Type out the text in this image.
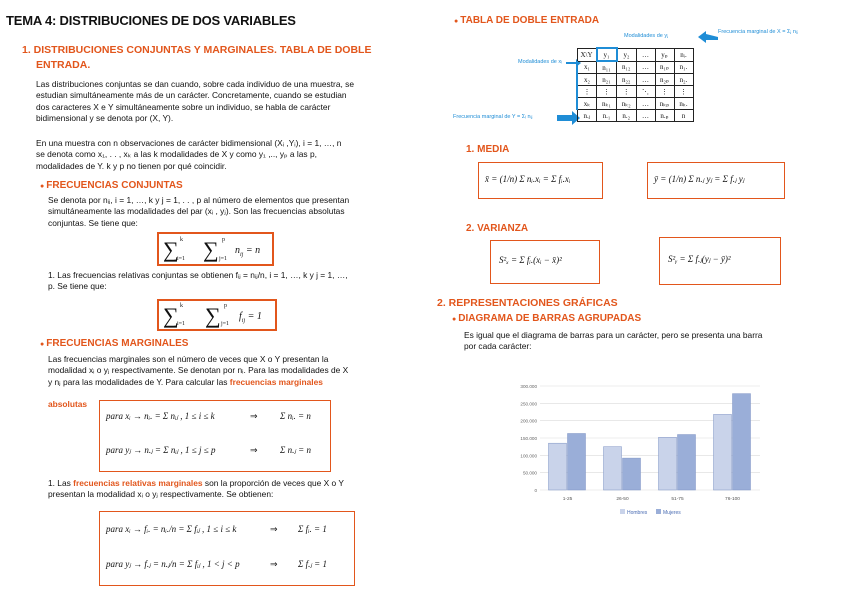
TEMA 4: DISTRIBUCIONES DE DOS VARIABLES
1. DISTRIBUCIONES CONJUNTAS Y MARGINALES. TABLA DE DOBLE
ENTRADA.
Las distribuciones conjuntas se dan cuando, sobre cada individuo de una muestra, se
estudian simultáneamente más de un carácter. Concretamente, cuando se estudian
dos caracteres X e Y simultáneamente sobre un individuo, se habla de carácter
bidimensional y se denota por (X, Y).
En una muestra con n observaciones de carácter bidimensional (Xᵢ ,Yᵢ), i = 1, …, n
se denota como x₁, . . , xₖ a las k modalidades de X y como y₁ ,.., yₚ a las p,
modalidades de Y. k y p no tienen por qué coincidir.
● FRECUENCIAS CONJUNTAS
Se denota por nᵢⱼ, i = 1, …, k y j = 1, . . , p al número de elementos que presentan
simultáneamente las modalidades del par (xᵢ , yⱼ). Son las frecuencias absolutas
conjuntas. Se tiene que:
∑ k
i=1 ∑ p
j=1
$n_{ij} = n$
1. Las frecuencias relativas conjuntas se obtienen fᵢⱼ = nᵢⱼ/n, i = 1, …, k y j = 1, …,
p. Se tiene que:
∑ k
i=1 ∑ p
j=1
$f_{ij} = 1$
● FRECUENCIAS MARGINALES
Las frecuencias marginales son el número de veces que X o Y presentan la
modalidad xᵢ o yⱼ respectivamente. Se denotan por nᵢ. Para las modalidades de X
y nⱼ para las modalidades de Y. Para calcular las frecuencias marginales
absolutas
para xᵢ → nᵢ. = Σ nᵢⱼ , 1 ≤ i ≤ k	⇒ Σ nᵢ. = n
para yⱼ → n.ⱼ = Σ nᵢⱼ , 1 ≤ j ≤ p	⇒ Σ n.ⱼ = n
1. Las frecuencias relativas marginales son la proporción de veces que X o Y
presentan la modalidad xᵢ o yⱼ respectivamente. Se obtienen:
para xᵢ → fᵢ. = nᵢ./n = Σ fᵢⱼ , 1 ≤ i ≤ k	⇒ Σ fᵢ. = 1
para yⱼ → f.ⱼ = n.ⱼ/n = Σ fᵢⱼ , 1 < j < p	⇒ Σ f.ⱼ = 1
● TABLA DE DOBLE ENTRADA
Modalidades de yⱼ
Frecuencia marginal de X = Σⱼ nᵢⱼ
Modalidades de xᵢ
Frecuencia marginal de Y = Σᵢ nᵢⱼ
X\Y	y₁	y₂	…	yₚ	nᵢ.
x₁	n₁₁	n₁₂	…	n₁ₚ	n₁.
x₂	n₂₁	n₂₂	…	n₂ₚ	n₂.
⋮	⋮	⋮	⋱	⋮	⋮
xₖ	nₖ₁	nₖ₂	…	nₖₚ	nₖ.
n.ⱼ	n.₁	n.₂	…	n.ₚ	n
1. MEDIA
x̄ = (1/n) Σ nᵢ.xᵢ = Σ fᵢ.xᵢ	ȳ = (1/n) Σ n.ⱼ yⱼ = Σ f.ⱼ yⱼ
2. VARIANZA
S²ₓ = Σ fᵢ.(xᵢ − x̄)²	S²ᵧ = Σ f.ⱼ(yⱼ − ȳ)²
2. REPRESENTACIONES GRÁFICAS
● DIAGRAMA DE BARRAS AGRUPADAS
Es igual que el diagrama de barras para un carácter, pero se presenta una barra
por cada carácter:
0
50.000
100.000
150.000
200.000
250.000
300.000
1-25	26-50	51-75	76-100
Hombres	Mujeres
